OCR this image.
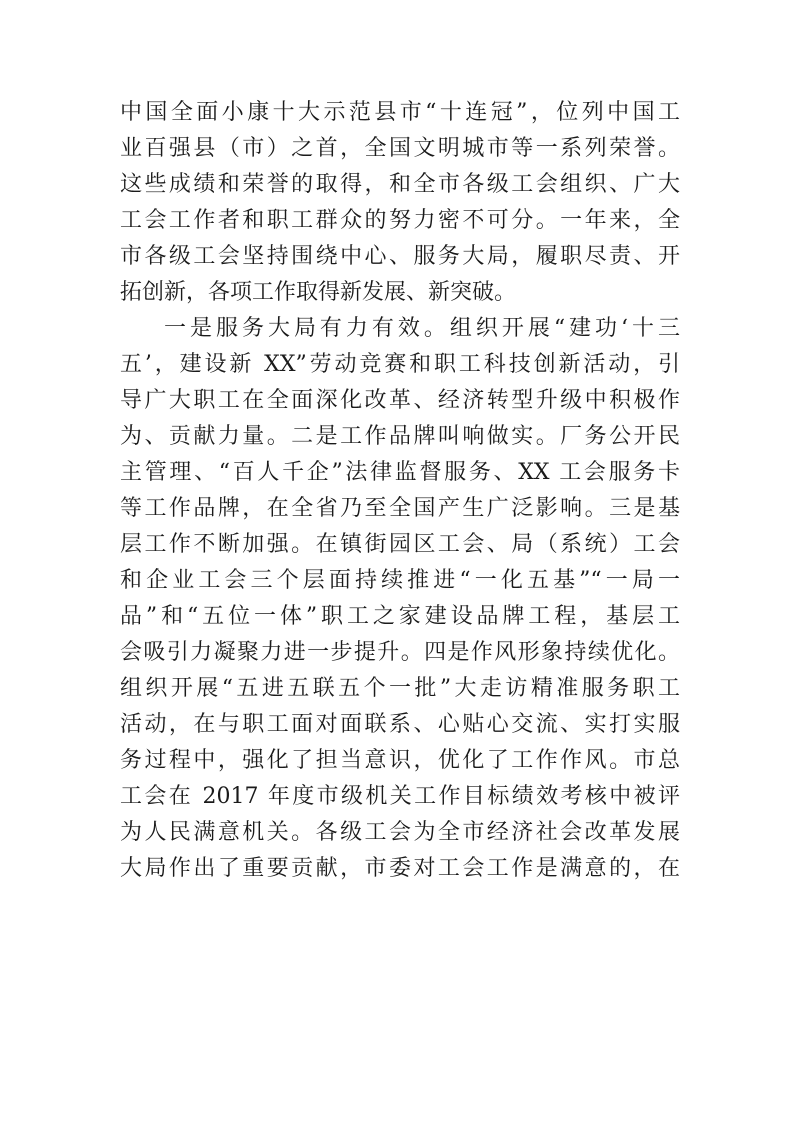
中国全面小康十大示范县市“十连冠”，位列中国工
业百强县（市）之首，全国文明城市等一系列荣誉。
这些成绩和荣誉的取得，和全市各级工会组织、广大
工会工作者和职工群众的努力密不可分。一年来，全
市各级工会坚持围绕中心、服务大局，履职尽责、开
拓创新，各项工作取得新发展、新突破。
一是服务大局有力有效。组织开展“建功‘十三
五’，建设新 XX”劳动竞赛和职工科技创新活动，引
导广大职工在全面深化改革、经济转型升级中积极作
为、贡献力量。二是工作品牌叫响做实。厂务公开民
主管理、“百人千企”法律监督服务、XX 工会服务卡
等工作品牌，在全省乃至全国产生广泛影响。三是基
层工作不断加强。在镇街园区工会、局（系统）工会
和企业工会三个层面持续推进“一化五基”“一局一
品”和“五位一体”职工之家建设品牌工程，基层工
会吸引力凝聚力进一步提升。四是作风形象持续优化。
组织开展“五进五联五个一批”大走访精准服务职工
活动，在与职工面对面联系、心贴心交流、实打实服
务过程中，强化了担当意识，优化了工作作风。市总
工会在 2017 年度市级机关工作目标绩效考核中被评
为人民满意机关。各级工会为全市经济社会改革发展
大局作出了重要贡献，市委对工会工作是满意的，在
